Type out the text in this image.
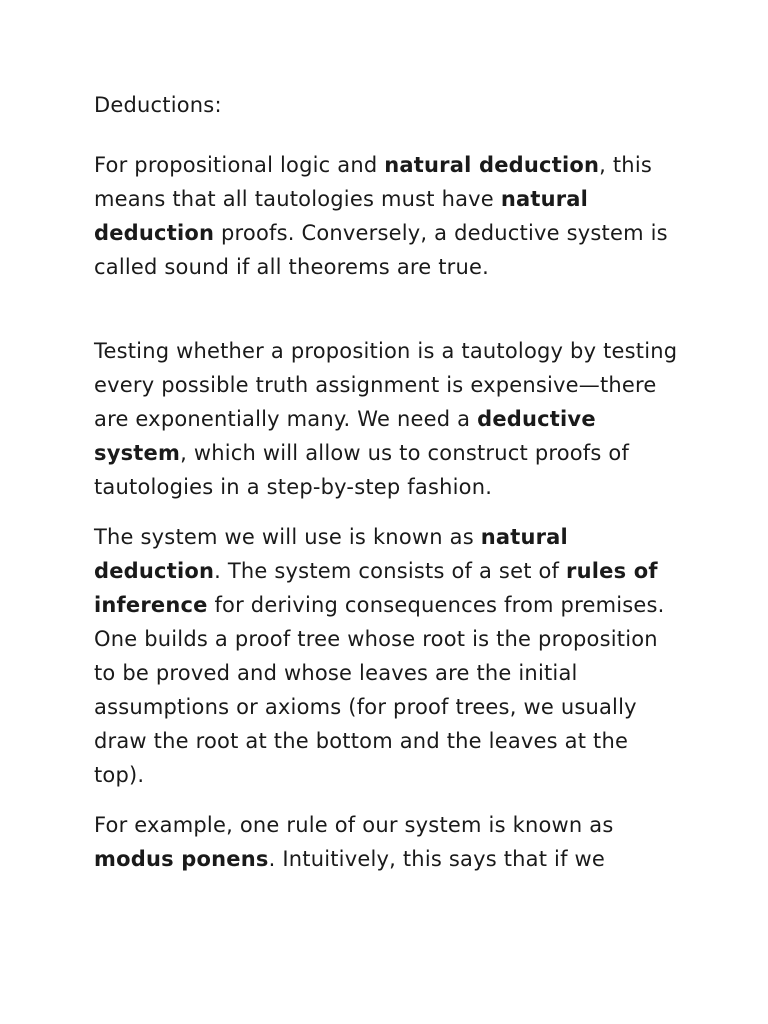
Deductions:

For propositional logic and natural deduction, this means that all tautologies must have natural deduction proofs. Conversely, a deductive system is called sound if all theorems are true.

Testing whether a proposition is a tautology by testing every possible truth assignment is expensive—there are exponentially many. We need a deductive system, which will allow us to construct proofs of tautologies in a step-by-step fashion.

The system we will use is known as natural deduction. The system consists of a set of rules of inference for deriving consequences from premises. One builds a proof tree whose root is the proposition to be proved and whose leaves are the initial assumptions or axioms (for proof trees, we usually draw the root at the bottom and the leaves at the top).

For example, one rule of our system is known as modus ponens. Intuitively, this says that if we
